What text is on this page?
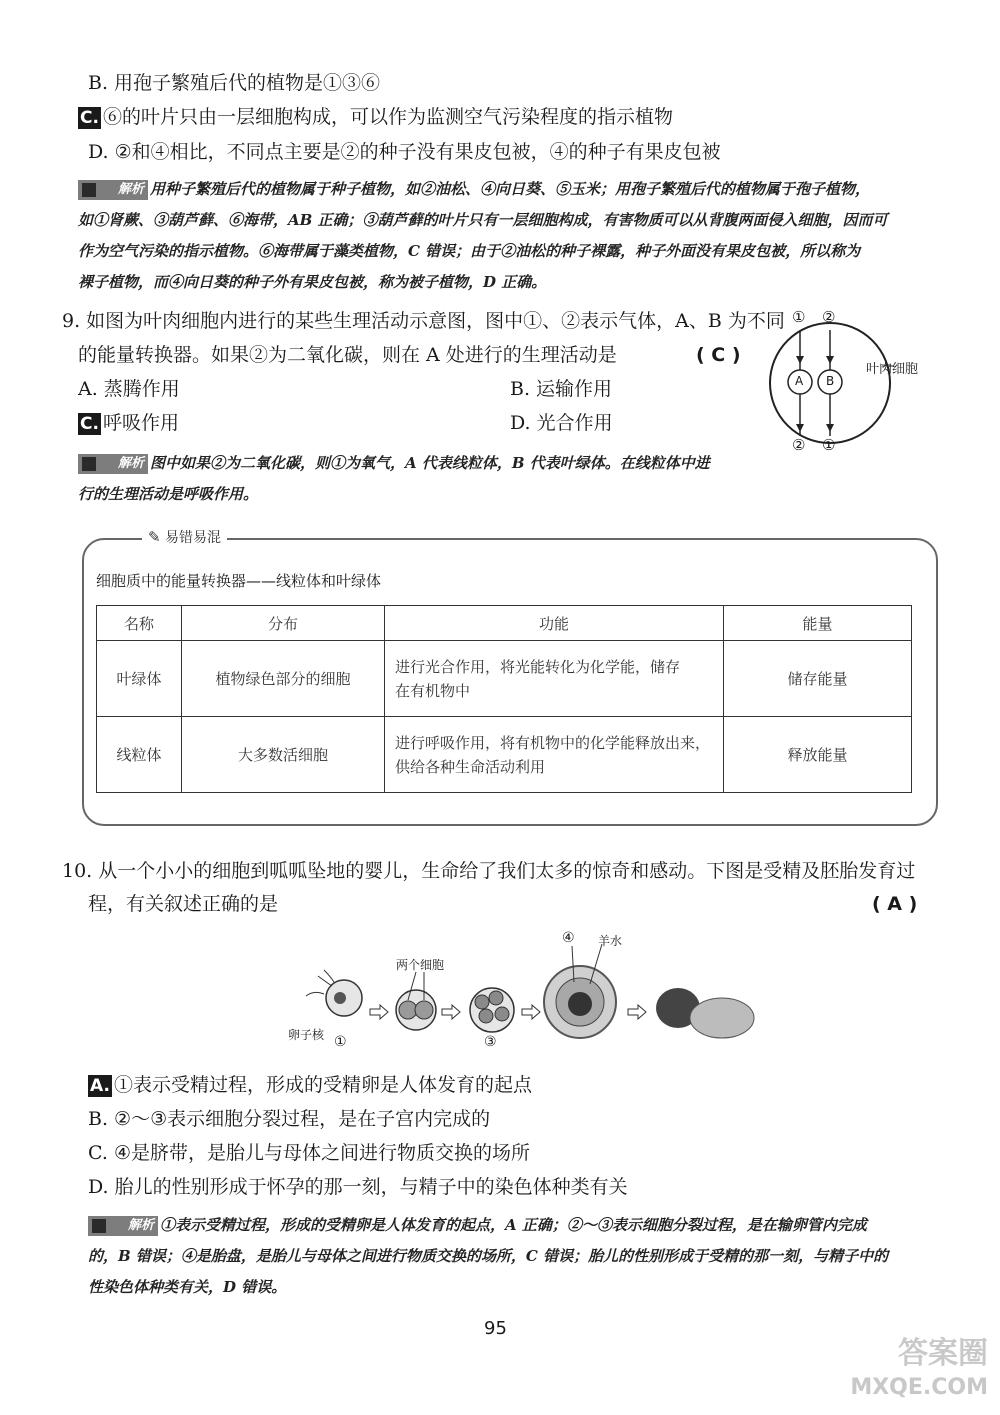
B. 用孢子繁殖后代的植物是①③⑥
C. ⑥的叶片只由一层细胞构成，可以作为监测空气污染程度的指示植物
D. ②和④相比，不同点主要是②的种子没有果皮包被，④的种子有果皮包被
解析 用种子繁殖后代的植物属于种子植物，如②油松、④向日葵、⑤玉米；用孢子繁殖后代的植物属于孢子植物，
如①肾蕨、③葫芦藓、⑥海带，AB 正确；③葫芦藓的叶片只有一层细胞构成，有害物质可以从背腹两面侵入细胞，因而可
作为空气污染的指示植物。⑥海带属于藻类植物，C 错误；由于②油松的种子裸露，种子外面没有果皮包被，所以称为
裸子植物，而④向日葵的种子外有果皮包被，称为被子植物，D 正确。
9. 如图为叶肉细胞内进行的某些生理活动示意图，图中①、②表示气体，A、B 为不同
的能量转换器。如果②为二氧化碳，则在 A 处进行的生理活动是	( C )
A. 蒸腾作用	B. 运输作用
C. 呼吸作用	D. 光合作用
① ②
② ①
A B
叶肉细胞
解析 图中如果②为二氧化碳，则①为氧气，A 代表线粒体，B 代表叶绿体。在线粒体中进
行的生理活动是呼吸作用。
✎ 易错易混
细胞质中的能量转换器——线粒体和叶绿体
名称	分布	功能	能量
叶绿体	植物绿色部分的细胞	进行光合作用，将光能转化为化学能，储存
在有机物中	储存能量
线粒体	大多数活细胞	进行呼吸作用，将有机物中的化学能释放出来，
供给各种生命活动利用	释放能量
10. 从一个小小的细胞到呱呱坠地的婴儿，生命给了我们太多的惊奇和感动。下图是受精及胚胎发育过
程，有关叙述正确的是	( A )
两个细胞
卵子核 ①	③
④ 羊水
A. ①表示受精过程，形成的受精卵是人体发育的起点
B. ②～③表示细胞分裂过程，是在子宫内完成的
C. ④是脐带，是胎儿与母体之间进行物质交换的场所
D. 胎儿的性别形成于怀孕的那一刻，与精子中的染色体种类有关
解析 ①表示受精过程，形成的受精卵是人体发育的起点，A 正确；②～③表示细胞分裂过程，是在输卵管内完成
的，B 错误；④是胎盘，是胎儿与母体之间进行物质交换的场所，C 错误；胎儿的性别形成于受精的那一刻，与精子中的
性染色体种类有关，D 错误。
95
答案圈
MXQE.COM
